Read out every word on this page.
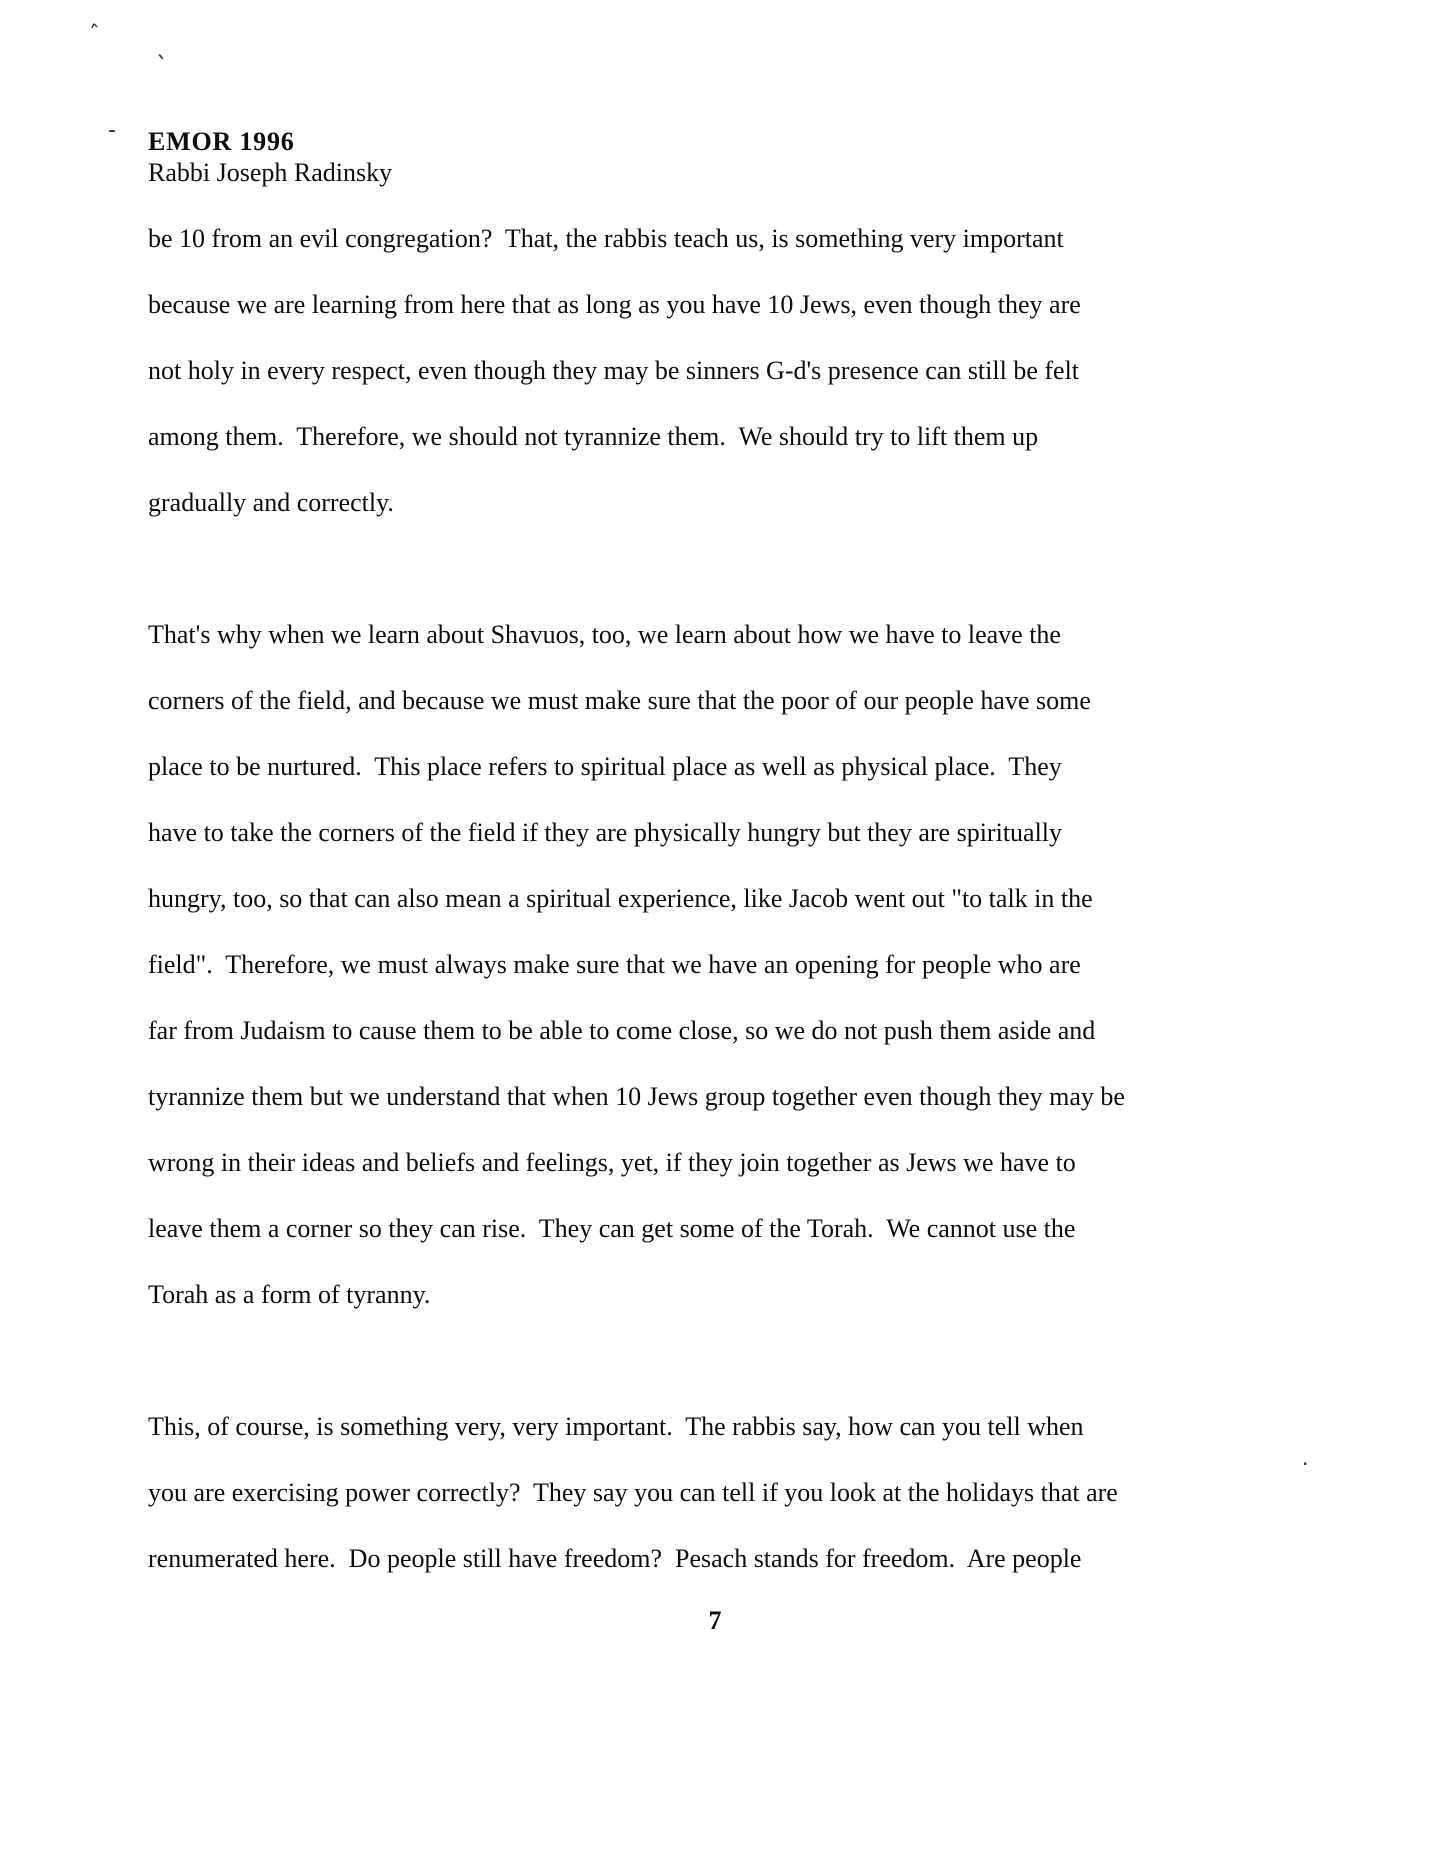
ˆ
`
-
·
EMOR 1996
Rabbi Joseph Radinsky
be 10 from an evil congregation?  That, the rabbis teach us, is something very important
because we are learning from here that as long as you have 10 Jews, even though they are
not holy in every respect, even though they may be sinners G-d's presence can still be felt
among them.  Therefore, we should not tyrannize them.  We should try to lift them up
gradually and correctly.
That's why when we learn about Shavuos, too, we learn about how we have to leave the
corners of the field, and because we must make sure that the poor of our people have some
place to be nurtured.  This place refers to spiritual place as well as physical place.  They
have to take the corners of the field if they are physically hungry but they are spiritually
hungry, too, so that can also mean a spiritual experience, like Jacob went out "to talk in the
field".  Therefore, we must always make sure that we have an opening for people who are
far from Judaism to cause them to be able to come close, so we do not push them aside and
tyrannize them but we understand that when 10 Jews group together even though they may be
wrong in their ideas and beliefs and feelings, yet, if they join together as Jews we have to
leave them a corner so they can rise.  They can get some of the Torah.  We cannot use the
Torah as a form of tyranny.
This, of course, is something very, very important.  The rabbis say, how can you tell when
you are exercising power correctly?  They say you can tell if you look at the holidays that are
renumerated here.  Do people still have freedom?  Pesach stands for freedom.  Are people
7
